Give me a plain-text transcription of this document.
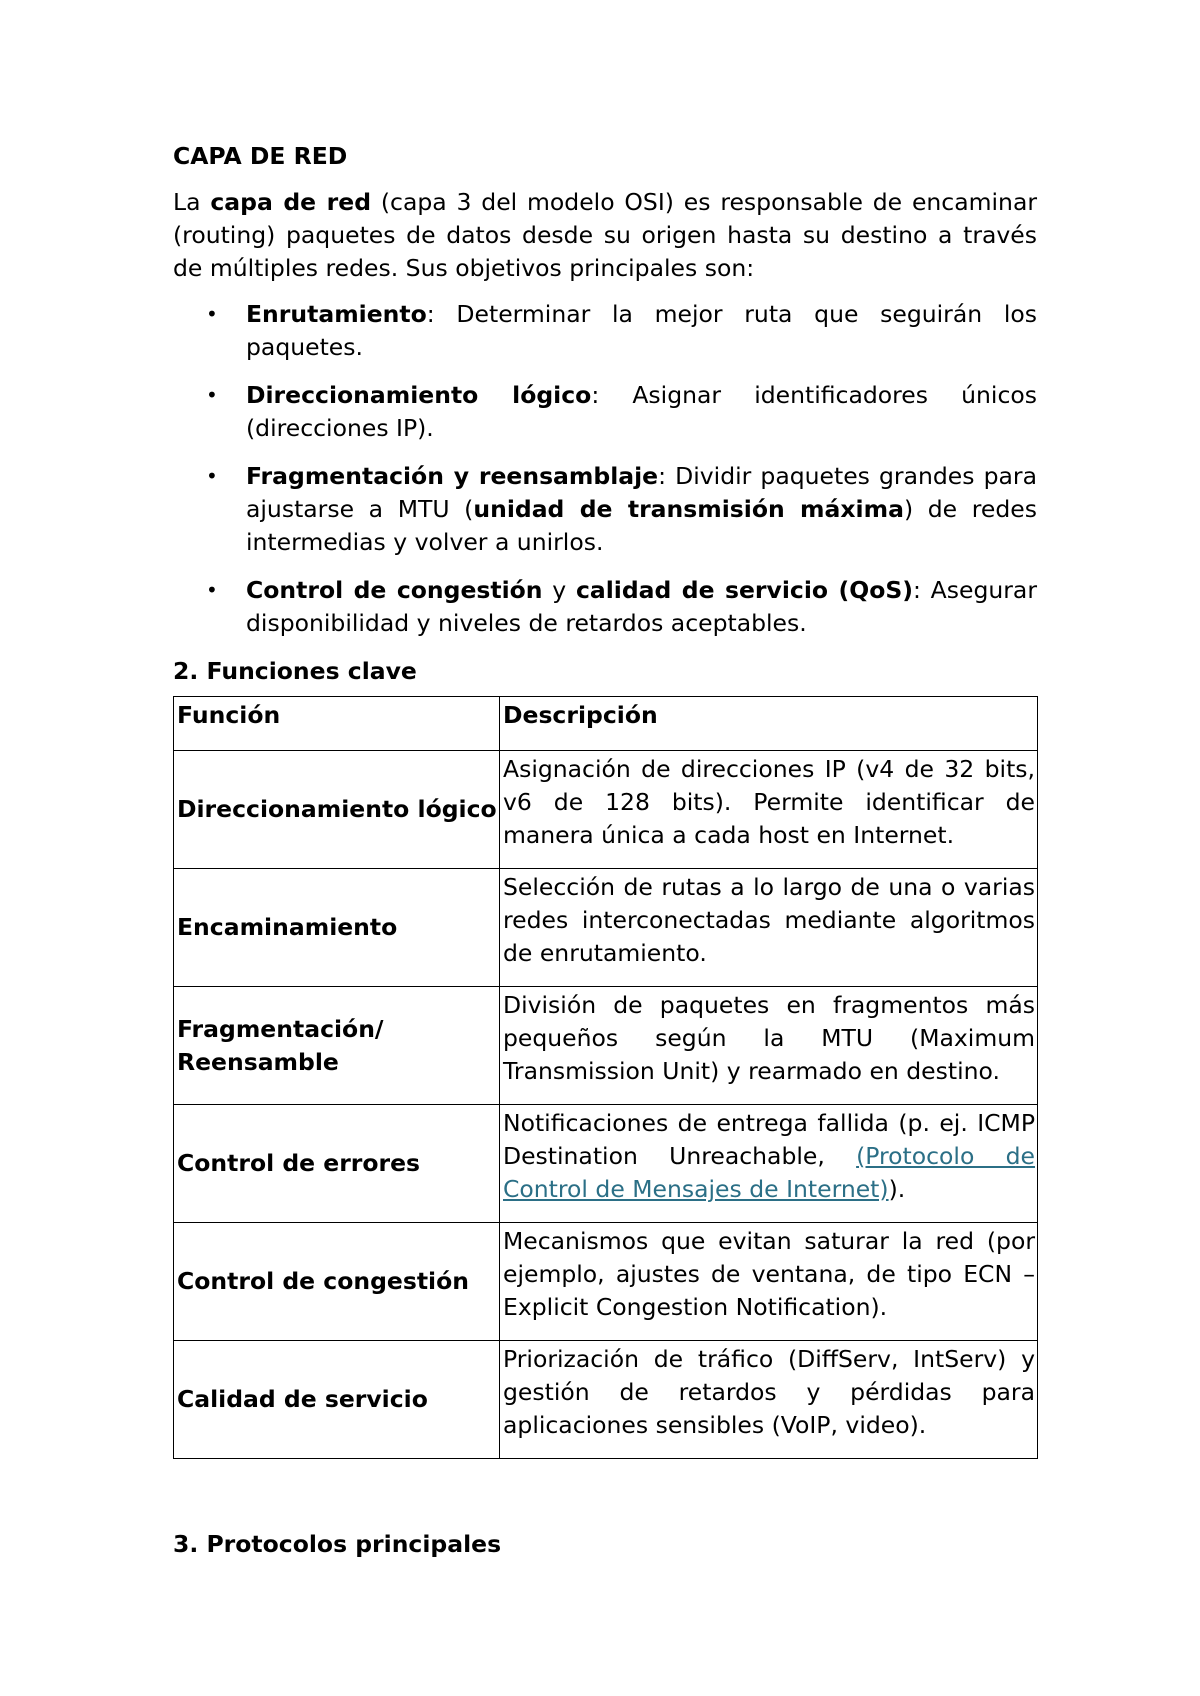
CAPA DE RED

La capa de red (capa 3 del modelo OSI) es responsable de encaminar (routing) paquetes de datos desde su origen hasta su destino a través de múltiples redes. Sus objetivos principales son:

• Enrutamiento: Determinar la mejor ruta que seguirán los paquetes.
• Direccionamiento lógico: Asignar identificadores únicos (direcciones IP).
• Fragmentación y reensamblaje: Dividir paquetes grandes para ajustarse a MTU (unidad de transmisión máxima) de redes intermedias y volver a unirlos.
• Control de congestión y calidad de servicio (QoS): Asegurar disponibilidad y niveles de retardos aceptables.

2. Funciones clave

Función	Descripción
Direccionamiento lógico	Asignación de direcciones IP (v4 de 32 bits, v6 de 128 bits). Permite identificar de manera única a cada host en Internet.
Encaminamiento	Selección de rutas a lo largo de una o varias redes interconectadas mediante algoritmos de enrutamiento.
Fragmentación/ Reensamble	División de paquetes en fragmentos más pequeños según la MTU (Maximum Transmission Unit) y rearmado en destino.
Control de errores	Notificaciones de entrega fallida (p. ej. ICMP Destination Unreachable, (Protocolo de Control de Mensajes de Internet)).
Control de congestión	Mecanismos que evitan saturar la red (por ejemplo, ajustes de ventana, de tipo ECN – Explicit Congestion Notification).
Calidad de servicio	Priorización de tráfico (DiffServ, IntServ) y gestión de retardos y pérdidas para aplicaciones sensibles (VoIP, video).

3. Protocolos principales
